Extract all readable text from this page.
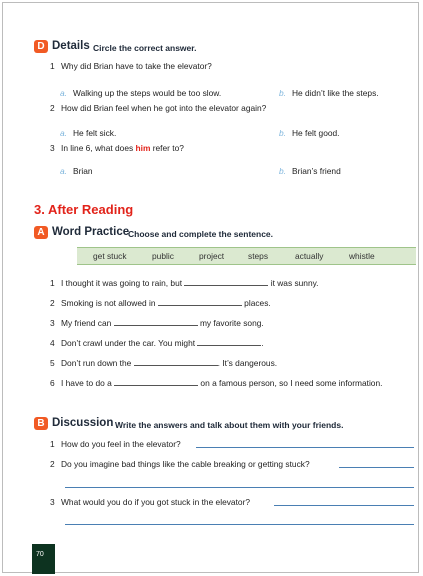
D Details Circle the correct answer.
1 Why did Brian have to take the elevator?
a. Walking up the steps would be too slow.	b. He didn’t like the steps.
2 How did Brian feel when he got into the elevator again?
a. He felt sick.	b. He felt good.
3 In line 6, what does him refer to?
a. Brian	b. Brian’s friend
3. After Reading
A Word Practice
Choose and complete the sentence.
get stuck	public	project	steps	actually	whistle
1 I thought it was going to rain, but	it was sunny.
2 Smoking is not allowed in	places.
3 My friend can	my favorite song.
4 Don’t crawl under the car. You might	.
5 Don’t run down the	. It’s dangerous.
6 I have to do a	on a famous person, so I need some information.
B Discussion Write the answers and talk about them with your friends.
1 How do you feel in the elevator?
2 Do you imagine bad things like the cable breaking or getting stuck?
3 What would you do if you got stuck in the elevator?
70
